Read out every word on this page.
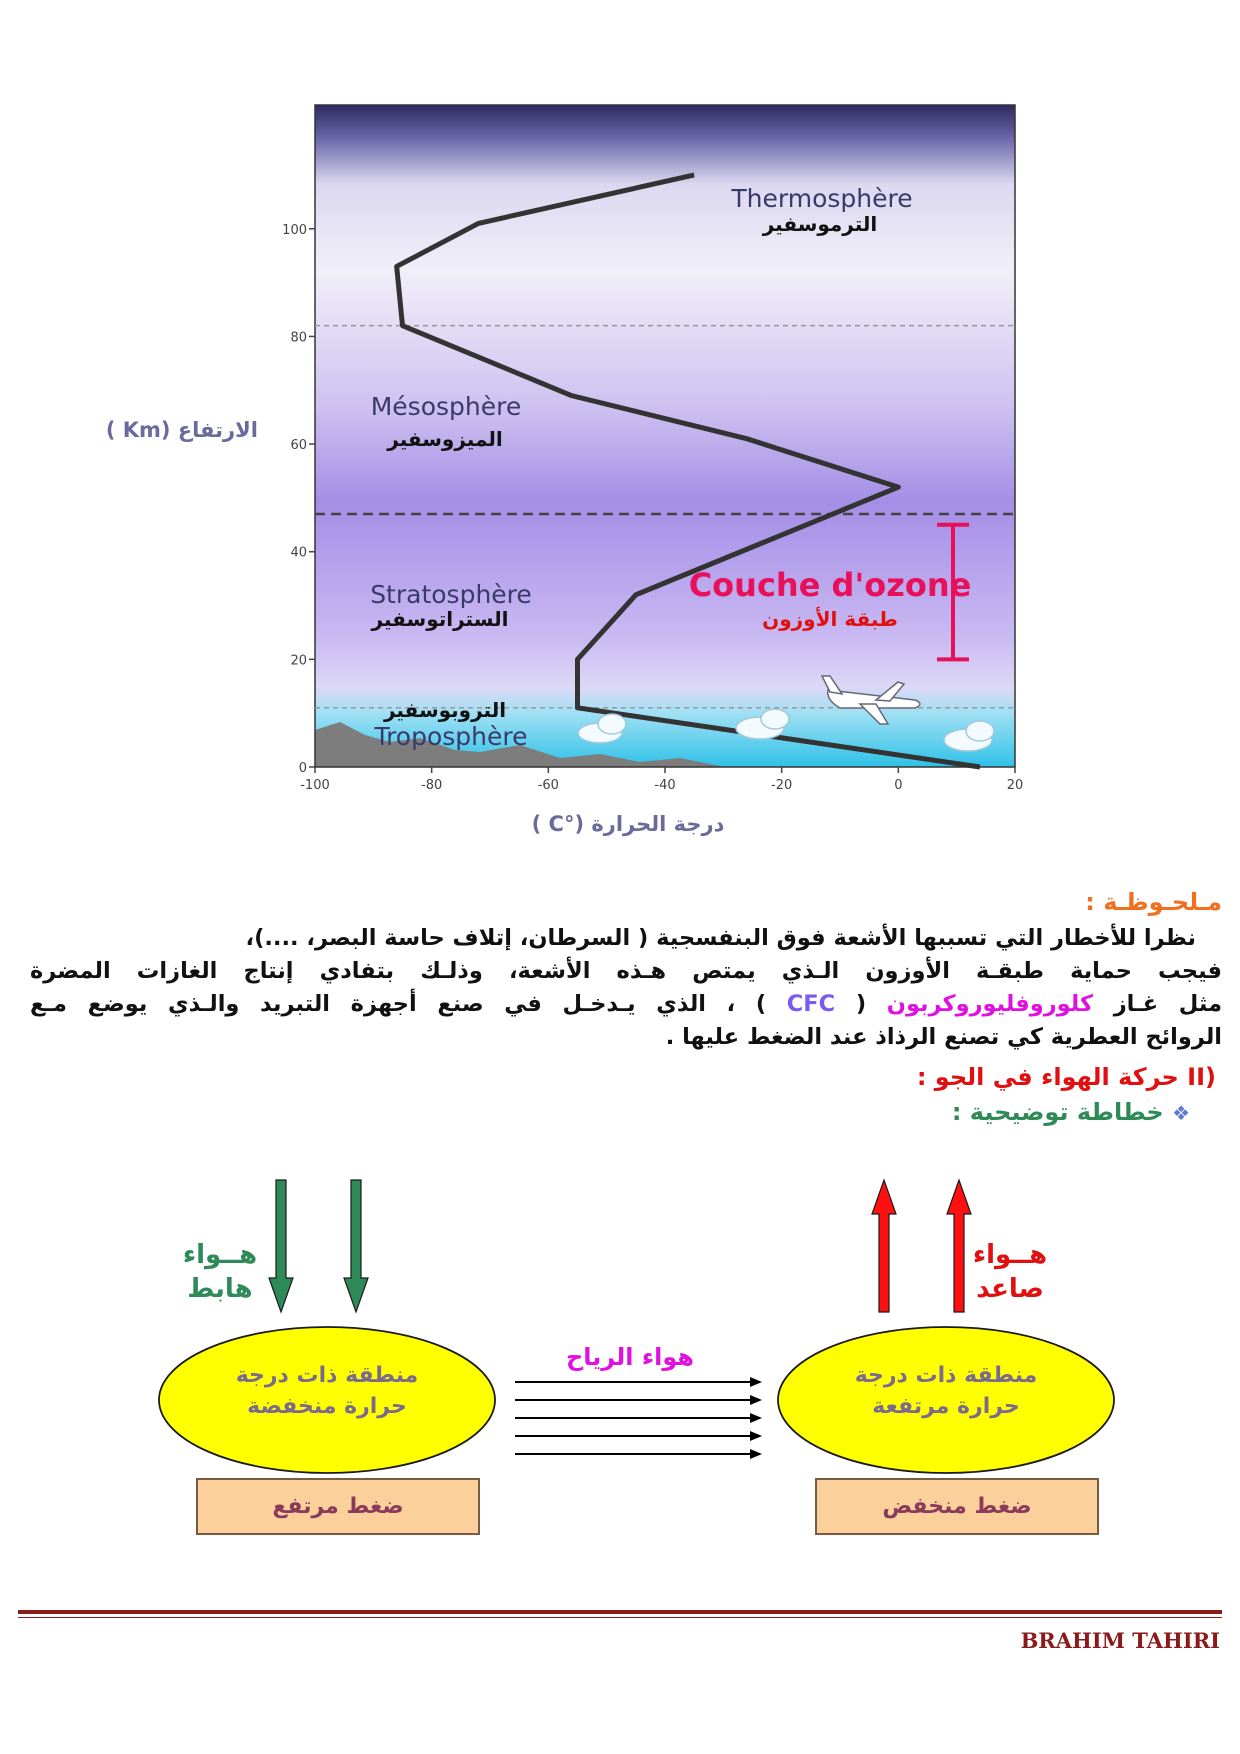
0
20
40
60
80
100
-100	-80	-60	-40	-20	0	20
Thermosphère
Mésosphère
Stratosphère
Troposphère
Couche d'ozone
الارتفاع (Km )
درجة الحرارة (°C )
الترموسفير
الميزوسفير
الستراتوسفير
التروبوسفير
طبقة الأوزون
مـلحـوظـة :
نظرا للأخطار التي تسببها الأشعة فوق البنفسجية ( السرطان، إتلاف حاسة البصر، ....)،
فيجب حماية طبقـة الأوزون الـذي يمتص هـذه الأشعة، وذلـك بتفادي إنتاج الغازات المضرة
مثل غـاز كلوروفليوروكربون ( CFC ) ، الذي يـدخـل في صنع أجهزة التبريد والـذي يوضع مـع
الروائح العطرية كي تصنع الرذاذ عند الضغط عليها .
II) حركة الهواء في الجو :
❖ خطاطة توضيحية :
هــواء
هابط
هــواء
صاعد
هواء الرياح
منطقة ذات درجة
حرارة منخفضة
منطقة ذات درجة
حرارة مرتفعة
ضغط مرتفع	ضغط منخفض
BRAHIM TAHIRI
